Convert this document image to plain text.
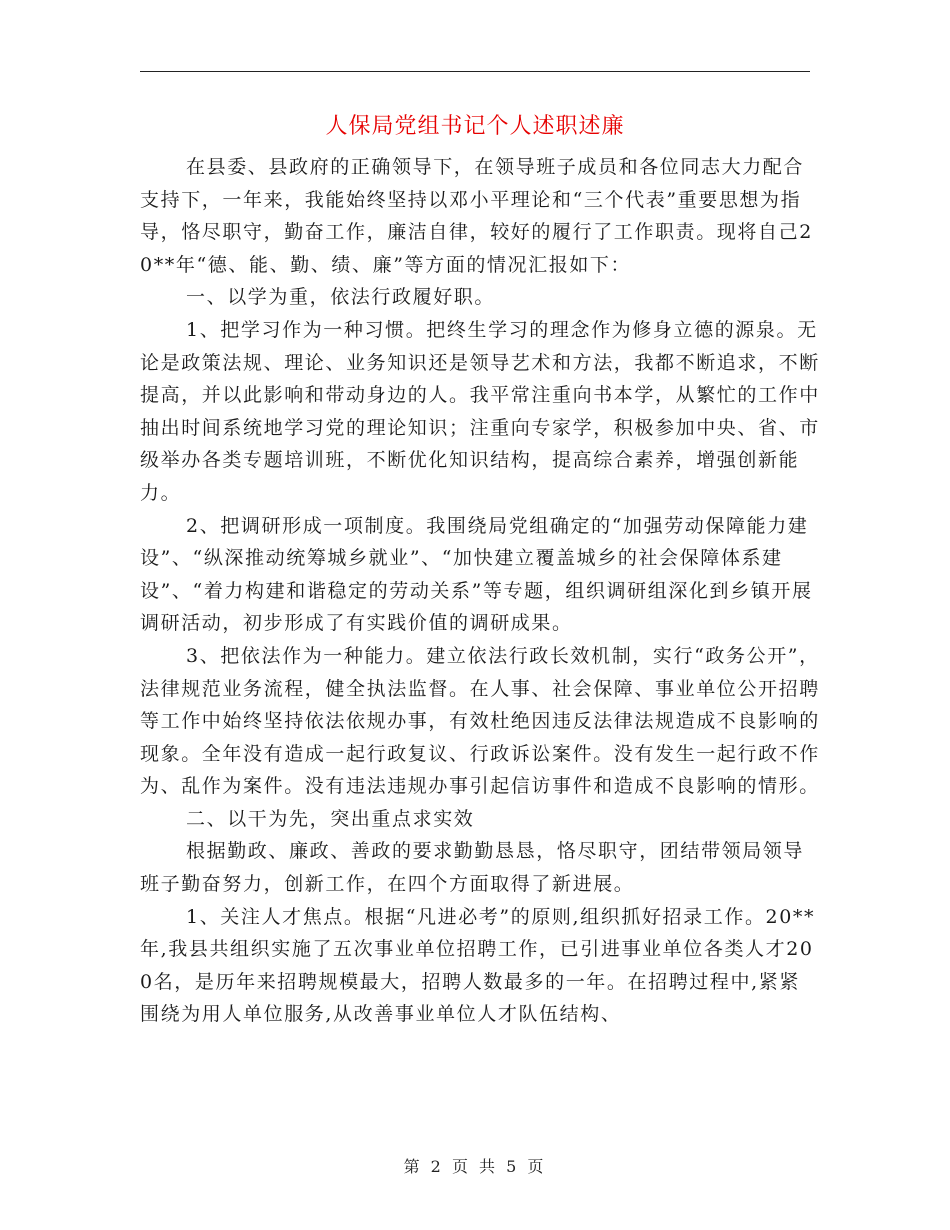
人保局党组书记个人述职述廉

在县委、县政府的正确领导下，在领导班子成员和各位同志大力配合支持下，一年来，我能始终坚持以邓小平理论和“三个代表”重要思想为指导，恪尽职守，勤奋工作，廉洁自律，较好的履行了工作职责。现将自己20**年“德、能、勤、绩、廉”等方面的情况汇报如下：

一、以学为重，依法行政履好职。

1、把学习作为一种习惯。把终生学习的理念作为修身立德的源泉。无论是政策法规、理论、业务知识还是领导艺术和方法，我都不断追求，不断提高，并以此影响和带动身边的人。我平常注重向书本学，从繁忙的工作中抽出时间系统地学习党的理论知识；注重向专家学，积极参加中央、省、市级举办各类专题培训班，不断优化知识结构，提高综合素养，增强创新能力。

2、把调研形成一项制度。我围绕局党组确定的“加强劳动保障能力建设”、“纵深推动统筹城乡就业”、“加快建立覆盖城乡的社会保障体系建设”、“着力构建和谐稳定的劳动关系”等专题，组织调研组深化到乡镇开展调研活动，初步形成了有实践价值的调研成果。

3、把依法作为一种能力。建立依法行政长效机制，实行“政务公开”，法律规范业务流程，健全执法监督。在人事、社会保障、事业单位公开招聘等工作中始终坚持依法依规办事，有效杜绝因违反法律法规造成不良影响的现象。全年没有造成一起行政复议、行政诉讼案件。没有发生一起行政不作为、乱作为案件。没有违法违规办事引起信访事件和造成不良影响的情形。

二、以干为先，突出重点求实效

根据勤政、廉政、善政的要求勤勤恳恳，恪尽职守，团结带领局领导班子勤奋努力，创新工作，在四个方面取得了新进展。

1、关注人才焦点。根据“凡进必考”的原则,组织抓好招录工作。20**年,我县共组织实施了五次事业单位招聘工作，已引进事业单位各类人才200名，是历年来招聘规模最大，招聘人数最多的一年。在招聘过程中,紧紧围绕为用人单位服务,从改善事业单位人才队伍结构、

第 2 页 共 5 页
